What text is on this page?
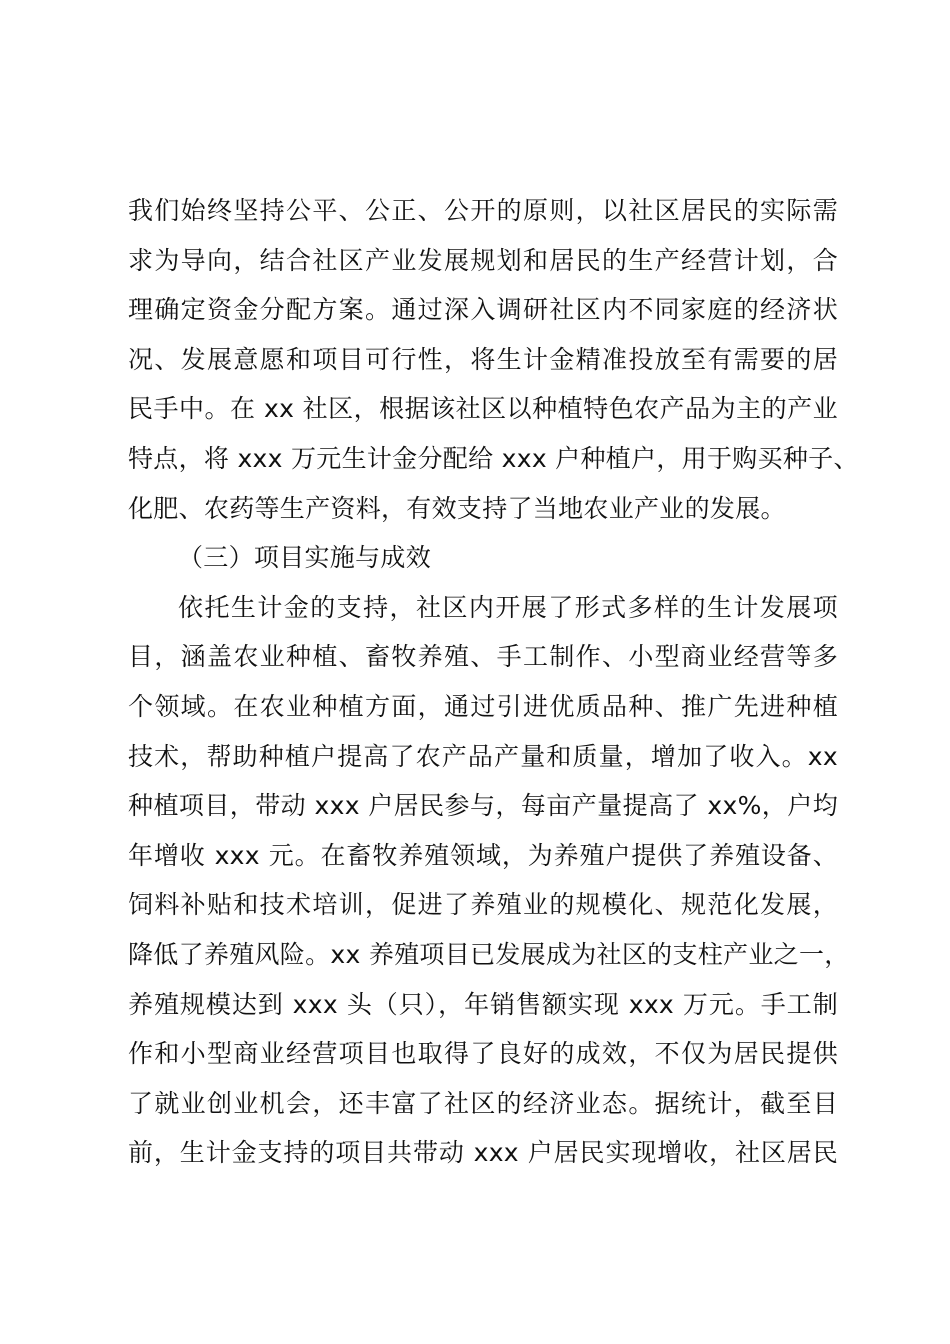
我们始终坚持公平、公正、公开的原则，以社区居民的实际需
求为导向，结合社区产业发展规划和居民的生产经营计划，合
理确定资金分配方案。通过深入调研社区内不同家庭的经济状
况、发展意愿和项目可行性，将生计金精准投放至有需要的居
民手中。在 xx 社区，根据该社区以种植特色农产品为主的产业
特点，将 xxx 万元生计金分配给 xxx 户种植户，用于购买种子、
化肥、农药等生产资料，有效支持了当地农业产业的发展。
（三）项目实施与成效
依托生计金的支持，社区内开展了形式多样的生计发展项
目，涵盖农业种植、畜牧养殖、手工制作、小型商业经营等多
个领域。在农业种植方面，通过引进优质品种、推广先进种植
技术，帮助种植户提高了农产品产量和质量，增加了收入。xx
种植项目，带动 xxx 户居民参与，每亩产量提高了 xx%，户均
年增收 xxx 元。在畜牧养殖领域，为养殖户提供了养殖设备、
饲料补贴和技术培训，促进了养殖业的规模化、规范化发展，
降低了养殖风险。xx 养殖项目已发展成为社区的支柱产业之一，
养殖规模达到 xxx 头（只），年销售额实现 xxx 万元。手工制
作和小型商业经营项目也取得了良好的成效，不仅为居民提供
了就业创业机会，还丰富了社区的经济业态。据统计，截至目
前，生计金支持的项目共带动 xxx 户居民实现增收，社区居民
